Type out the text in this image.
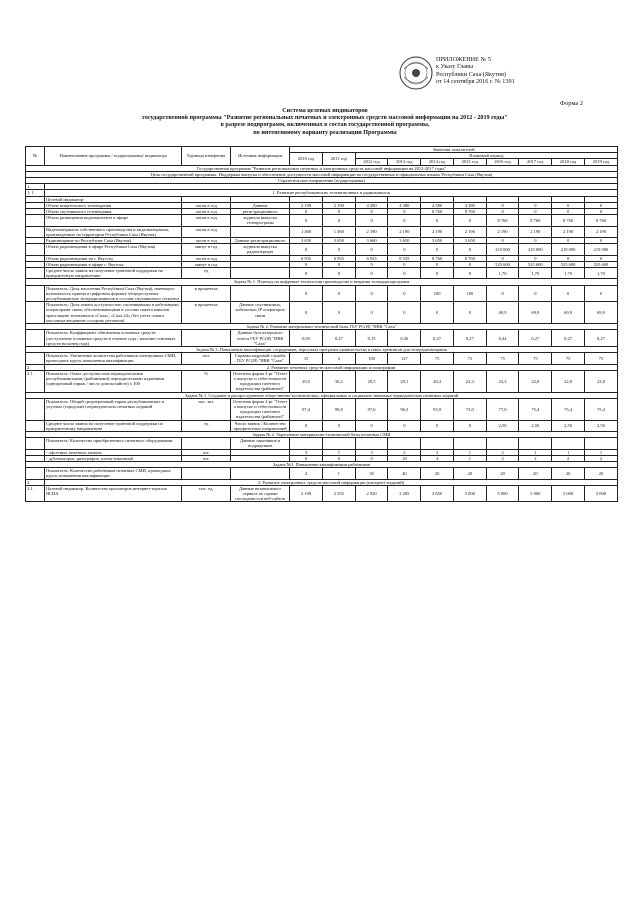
ПРИЛОЖЕНИЕ № 5
к Указу Главы
Республики Саха (Якутия)
от 14 сентября 2016 г. № 1391
Форма 2
Система целевых индикаторов
государственной программы "Развитие региональных печатных и электронных средств массовой информации на 2012 - 2019 годы"
в разрезе подпрограмм, включенных в состав государственной программы,
по интенсивному варианту реализации Программы
№	Наименование программы / подпрограммы/ индикатора	Единица измерения	Источник информации	Значения показателей									
				2010 год	2011 год	Плановый период							
						2012 год	2013 год	2014 год	2015 год	2016 год	2017 год	2018 год	2019 год
Государственная программа "Развитие региональных печатных и электронных средств массовой информации на 2012-2017 годы"													
Цель государственной программы: Поддержка выпуска и обеспечение доступности массовой информации на государственных и официальных языках Республики Саха (Якутия)													
Стратегическое направление (подпрограмма)													
1.													
1. 1.	1. Развитие республиканских телевизионных и радиоканалов												
	Целевой индикатор:												
	Объем вещательного телевидения	часов в год	Данные	2 190	2 190	4 280	4 380	4 380	4 380	0	0	0	0
	Объем спутникового телевещания	часов в год	регистрационного	0	0	0	0	8 760	8 760	0	0	0	0
	Объем размещения видеоконтента в эфире	часов в год	журнала выпуска телепрограмм	0	0	0	0	0	0	8 760	8 760	8 760	8 760
	Видеоматериалы собственного производства и видеоматериалы, произведенные на территории Республики Саха (Якутия)	часов в год		1 460	1 460	2 190	2 190	2 190	2 190	2 190	2 190	2 190	2 190
	Радиовещание по Республике Саха (Якутия)	часов в год	Данные регистрационного	3 650	3 650	3 660	3 650	3 650	3 650	0	0	0	0
	Объем радиовещания в эфире Республики Саха (Якутия)	минут в год	журнала выпуска радиопередач	0	0	0	0	0	0	219 000	219 000	219 000	219 000
	Объем радиовещания на г. Якутску	часов в год		6 935	6 935	6 935	8 535	8 760	8 760	0	0	0	0
	Объем радиовещания в эфире г. Якутска	минут в год		0	0	0	0	0	0	525 600	525 600	525 600	525 600
	Среднее число заявок на получение грантовой поддержки на приоритетную направлению	ед		0	0	0	0	0	0	1,70	1,70	1,70	1,70
Задача № 1. Переход на цифровые технологии производства и вещания телерадиопрограмм													
	Показатель: Доля населения Республики Саха (Якутия), имеющего возможность приема в цифровом формате общедоступных республиканских телерадиоканалов в составе спутникового сегмента	в процентах		0	0	0	0	100	100	0	0	0	0
	Показатель: Доля охвата доступностью спутниковыми и кабельными операторами связи, обеспечивающими в составе пакета каналов трансляцию телеканалов «Саха», «Саха 24» (без учета охвата массовым вещанием соседних регионов)	в процентах	Данные спутниковых, кабельных, IP операторов связи	0	0	0	0	0	0	69,9	69,9	69,9	69,9
Задача № 2. Развитие материально-технической базы ГБУ РС(Я) "НВК "Саха"													
	Показатель: Коэффициент обновления основных средств (поступление основных средств в течение года / наличие основных средств на конец года)		Данные бухгалтерского отчета ГБУ РС(Я) "НВК "Саха"	0,05	0,27	0,15	0,36	0,27	0,27	0,44	0,27	0,27	0,27
Задача № 3. Повышение квалификации сотрудников, персонала программ правительства и иных тренингов для телерадиовещания													
	Показатель: Увеличение количества работников электронных СМИ, прошедших курсы повышения квалификации	чел.	Справка кадровой службы ГБУ РС(Я) "НВК "Саха"	15	2	100	127	75	75	75	75	75	75
2.	2. Развитие печатных средств массовой информации и полиграфии												
2.1.	Показатель: Охват доступностью периодическими республиканскими, (районными) периодическими изданиями (одноразовый тираж / число домохозяйств) х 100	%	Отчетная форма 2-рг "Отчет о выпуске и себестоимости продукции газетного издательства (районное)"	29,5	30,2	29,5	29,1	28,4	23,3	23,3	22,8	22,8	22,8
Задача № 1. Создание и распространение общественно-политических, официальных и социально значимых периодических печатных изданий													
	Показатель: Общий среднеразовый тираж республиканских и улусных (городских) периодических печатных изданий	тыс. экз.	Отчетная форма 2-рг "Отчет о выпуске и себестоимости продукции газетного издательства (районное)"	97,4	99,8	97,6	96,3	93,9	73,0	77,0	75,4	75,4	75,4
	Среднее число заявок на получение грантовой поддержки по приоритетному направлению	ед	Число заявок / Количество приоритетных направлений	0	0	0	0	0	0	2,50	2,50	2,50	2,50
Задача № 2. Укрепление материально-технической базы печатных СМИ													
	Показатель: Количество приобретенного печатного оборудования:		Данные заказчиков и подрядчиков										
	- офсетных печатных машин;	шт.		3	1	3	2	3	1	2	1	1	1
	- дублекаторов, ризографов, плена-тимочный	шт.		0	0	0	18	4	1	2	2	2	2
Задача №3. Повышение квалификации работников													
	Показатель: Количество работников печатных СМИ, прошедших курсы повышения квалификации			2	1	30	40	20	20	20	20	20	20
3.	3. Развитие электронных средств массовой информации (интернет-изданий)												
3.1.	Целевой индикатор. Количество просмотров интернет-портала ЯСИА	тыс. ед.	Данные независимого сервиса по оценке посещаемости веб-сайтов	2 190	2 555	2 920	3 285	3 650	5 000	5 000	5 000	5 000	5 000
